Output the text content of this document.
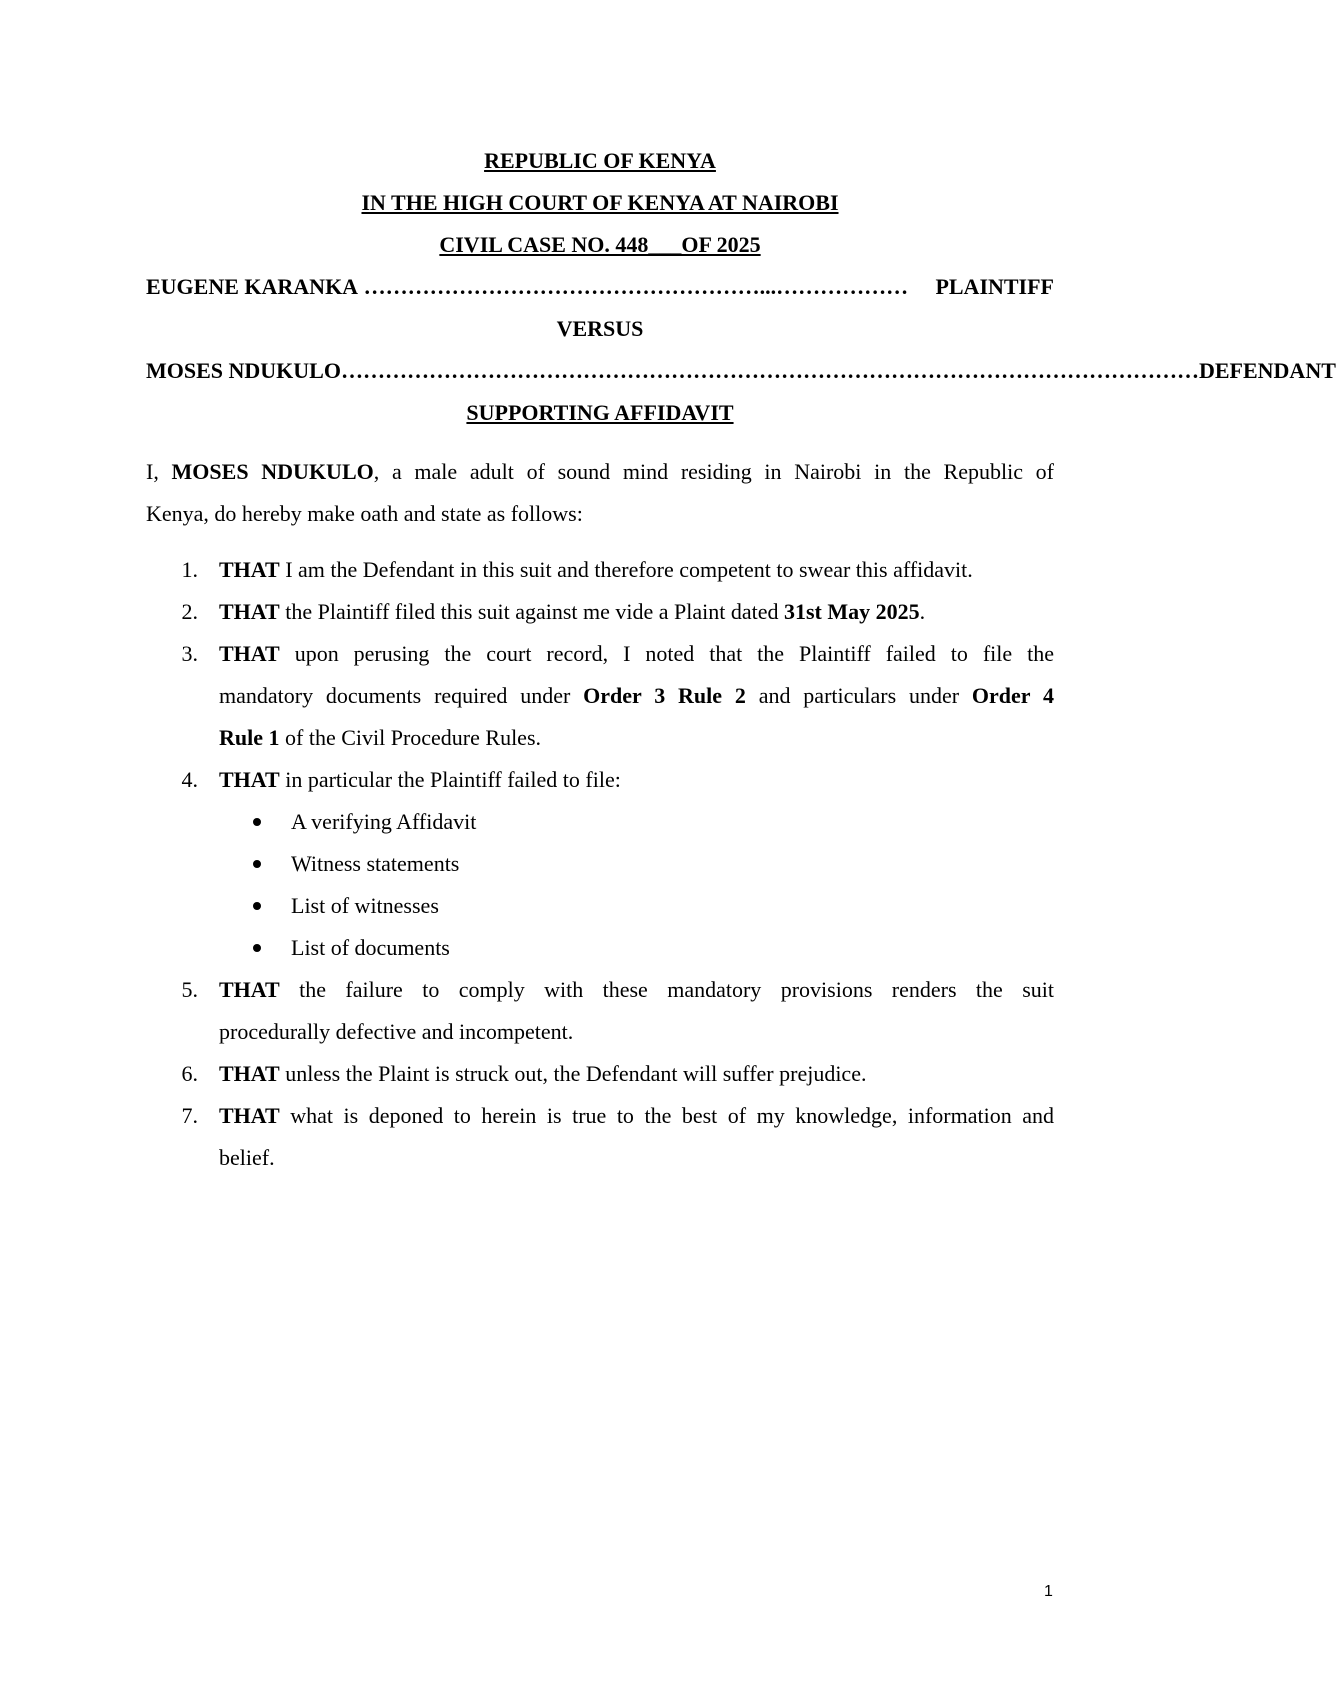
REPUBLIC OF KENYA
IN THE HIGH COURT OF KENYA AT NAIROBI
CIVIL CASE NO. 448___OF 2025
EUGENE KARANKA
………………………………………………...………………	PLAINTIFF
VERSUS
MOSES NDUKULO ……………………………………………………………………………………………………… DEFENDANT
SUPPORTING AFFIDAVIT
I, MOSES NDUKULO, a male adult of sound mind residing in Nairobi in the Republic of
Kenya, do hereby make oath and state as follows:
1. THAT I am the Defendant in this suit and therefore competent to swear this affidavit.
2. THAT the Plaintiff filed this suit against me vide a Plaint dated 31st May 2025.
3. THAT upon perusing the court record, I noted that the Plaintiff failed to file the
mandatory documents required under Order 3 Rule 2 and particulars under Order 4
Rule 1 of the Civil Procedure Rules.
4. THAT in particular the Plaintiff failed to file:
A verifying Affidavit
Witness statements
List of witnesses
List of documents
5. THAT the failure to comply with these mandatory provisions renders the suit
procedurally defective and incompetent.
6. THAT unless the Plaint is struck out, the Defendant will suffer prejudice.
7. THAT what is deponed to herein is true to the best of my knowledge, information and
belief.
1
